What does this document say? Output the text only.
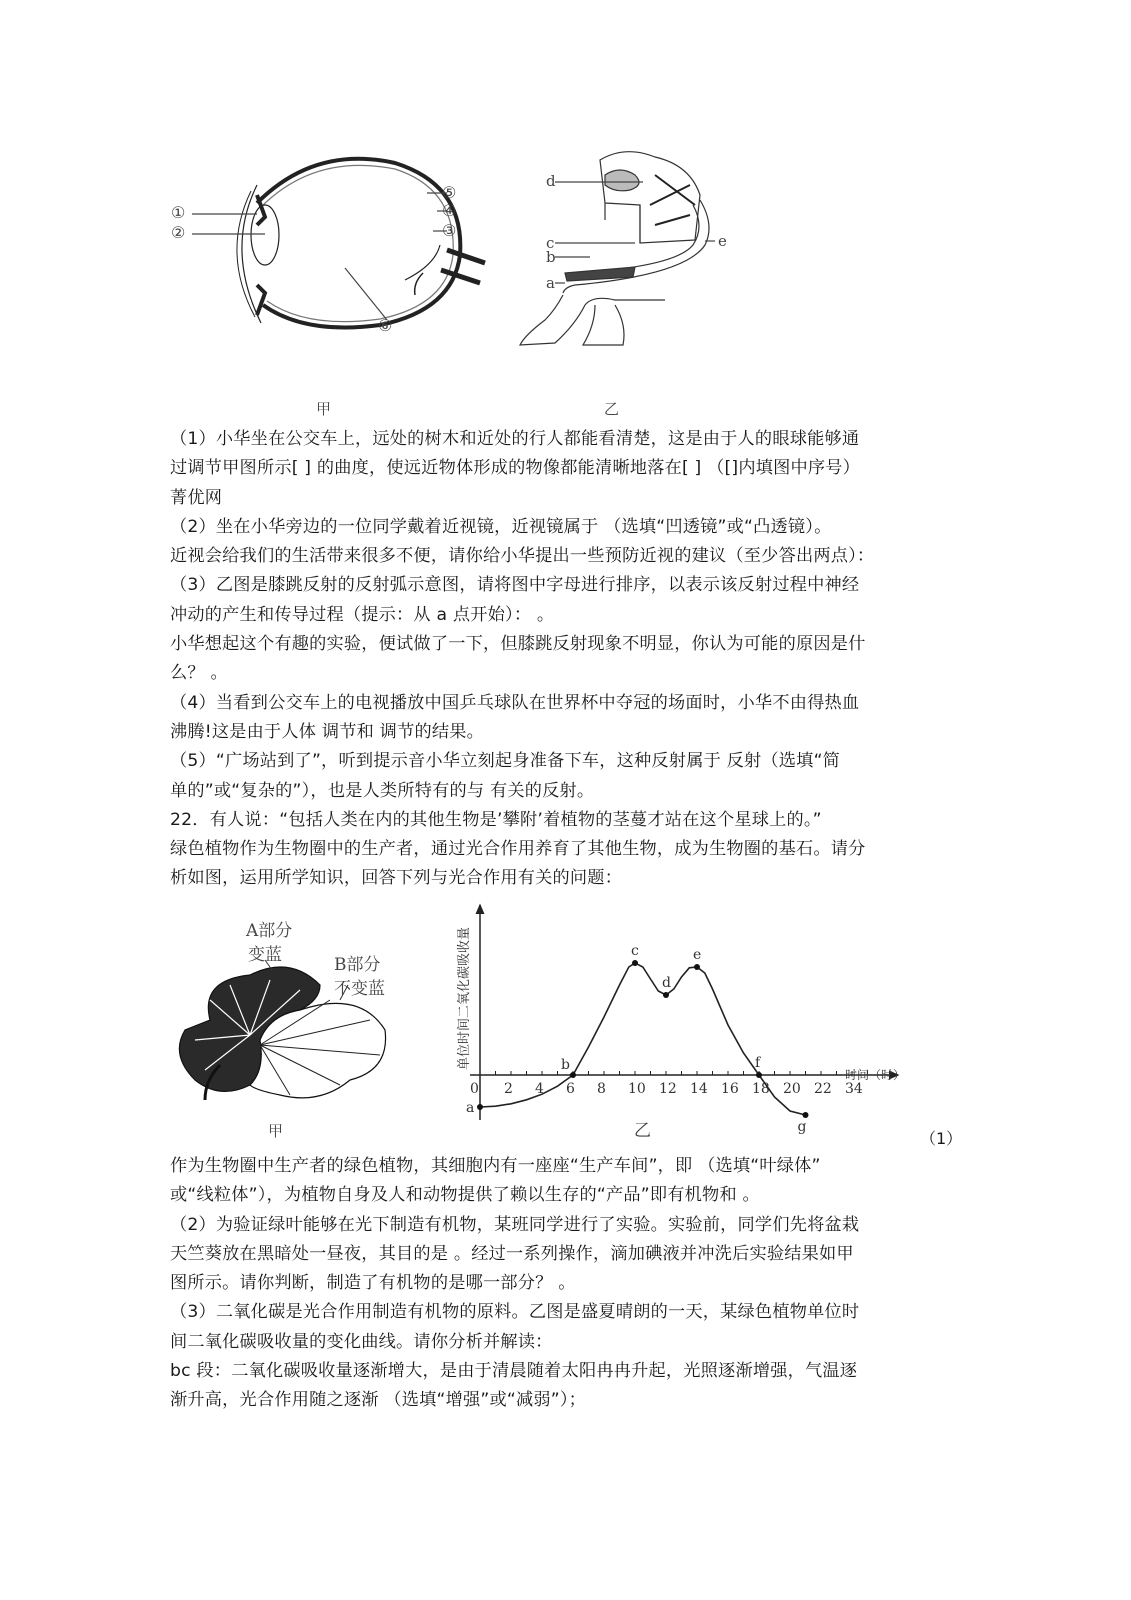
①
②	③
④
⑤
⑥
甲
d
c
b
a
e
乙

（1）小华坐在公交车上，远处的树木和近处的行人都能看清楚，这是由于人的眼球能够通

过调节甲图所示[ ] 的曲度，使远近物体形成的物像都能清晰地落在[ ] （[]内填图中序号）

菁优网

（2）坐在小华旁边的一位同学戴着近视镜，近视镜属于 （选填“凹透镜”或“凸透镜）。

近视会给我们的生活带来很多不便，请你给小华提出一些预防近视的建议（至少答出两点）：

（3）乙图是膝跳反射的反射弧示意图，请将图中字母进行排序，以表示该反射过程中神经

冲动的产生和传导过程（提示：从 a 点开始）： 。

小华想起这个有趣的实验，便试做了一下，但膝跳反射现象不明显，你认为可能的原因是什

么？ 。

（4）当看到公交车上的电视播放中国乒乓球队在世界杯中夺冠的场面时，小华不由得热血

沸腾!这是由于人体 调节和 调节的结果。

（5）“广场站到了”，听到提示音小华立刻起身准备下车，这种反射属于 反射（选填“简

单的”或“复杂的”），也是人类所特有的与 有关的反射。

22．有人说：“包括人类在内的其他生物是’攀附’着植物的茎蔓才站在这个星球上的。”

绿色植物作为生物圈中的生产者，通过光合作用养育了其他生物，成为生物圈的基石。请分

析如图，运用所学知识，回答下列与光合作用有关的问题：

A部分
变蓝	B部分
不变蓝
甲
0 2 4 6 8 10 12 14 16 18 20 22 34
a
b
c
d
e
f
g
时间（时）
单位时间二氧化碳吸收量
乙	（1）

作为生物圈中生产者的绿色植物，其细胞内有一座座“生产车间”，即 （选填“叶绿体”

或“线粒体”），为植物自身及人和动物提供了赖以生存的“产品”即有机物和 。

（2）为验证绿叶能够在光下制造有机物，某班同学进行了实验。实验前，同学们先将盆栽

天竺葵放在黑暗处一昼夜，其目的是 。经过一系列操作，滴加碘液并冲洗后实验结果如甲

图所示。请你判断，制造了有机物的是哪一部分？ 。

（3）二氧化碳是光合作用制造有机物的原料。乙图是盛夏晴朗的一天，某绿色植物单位时

间二氧化碳吸收量的变化曲线。请你分析并解读：

bc 段：二氧化碳吸收量逐渐增大，是由于清晨随着太阳冉冉升起，光照逐渐增强，气温逐

渐升高，光合作用随之逐渐 （选填“增强”或“减弱”）；
